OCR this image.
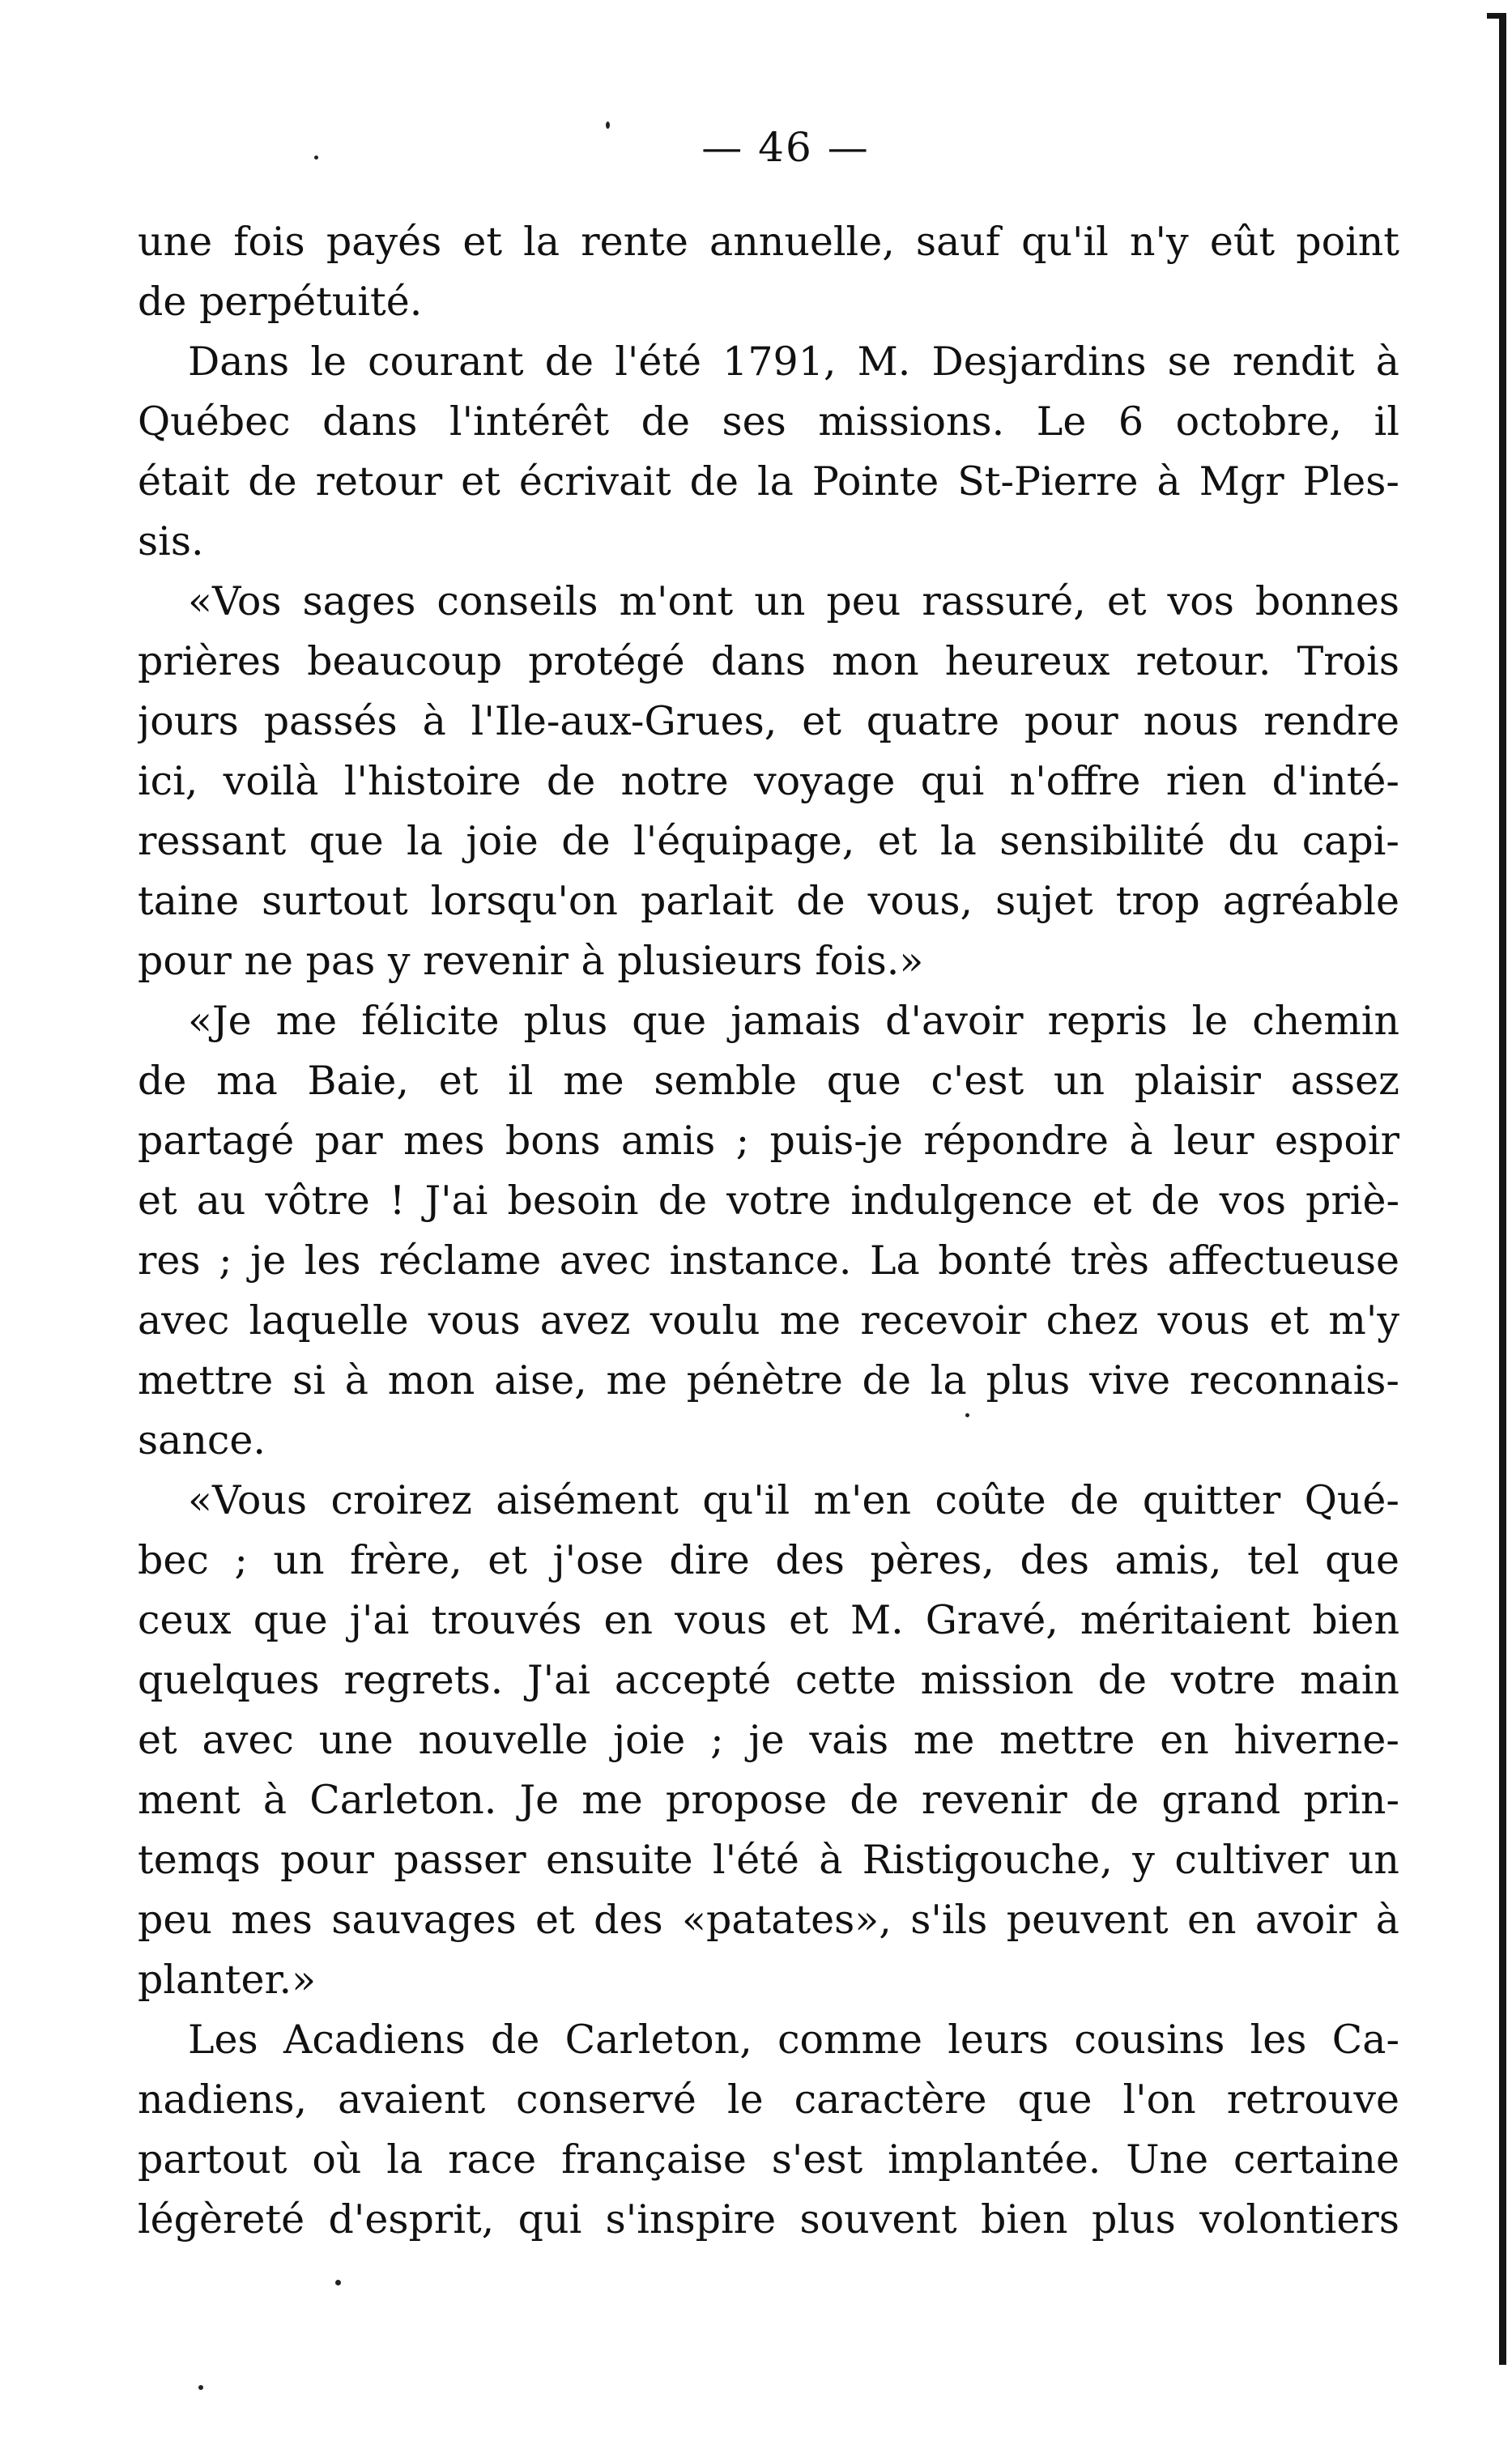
— 46 —
une fois payés et la rente annuelle, sauf qu'il n'y eût point
de perpétuité.
Dans le courant de l'été 1791, M. Desjardins se rendit à
Québec dans l'intérêt de ses missions. Le 6 octobre, il
était de retour et écrivait de la Pointe St-Pierre à Mgr Ples-
sis.
«Vos sages conseils m'ont un peu rassuré, et vos bonnes
prières beaucoup protégé dans mon heureux retour. Trois
jours passés à l'Ile-aux-Grues, et quatre pour nous rendre
ici, voilà l'histoire de notre voyage qui n'offre rien d'inté-
ressant que la joie de l'équipage, et la sensibilité du capi-
taine surtout lorsqu'on parlait de vous, sujet trop agréable
pour ne pas y revenir à plusieurs fois.»
«Je me félicite plus que jamais d'avoir repris le chemin
de ma Baie, et il me semble que c'est un plaisir assez
partagé par mes bons amis ; puis-je répondre à leur espoir
et au vôtre ! J'ai besoin de votre indulgence et de vos priè-
res ; je les réclame avec instance. La bonté très affectueuse
avec laquelle vous avez voulu me recevoir chez vous et m'y
mettre si à mon aise, me pénètre de la plus vive reconnais-
sance.
«Vous croirez aisément qu'il m'en coûte de quitter Qué-
bec ; un frère, et j'ose dire des pères, des amis, tel que
ceux que j'ai trouvés en vous et M. Gravé, méritaient bien
quelques regrets. J'ai accepté cette mission de votre main
et avec une nouvelle joie ; je vais me mettre en hiverne-
ment à Carleton. Je me propose de revenir de grand prin-
temqs pour passer ensuite l'été à Ristigouche, y cultiver un
peu mes sauvages et des «patates», s'ils peuvent en avoir à
planter.»
Les Acadiens de Carleton, comme leurs cousins les Ca-
nadiens, avaient conservé le caractère que l'on retrouve
partout où la race française s'est implantée. Une certaine
légèreté d'esprit, qui s'inspire souvent bien plus volontiers
